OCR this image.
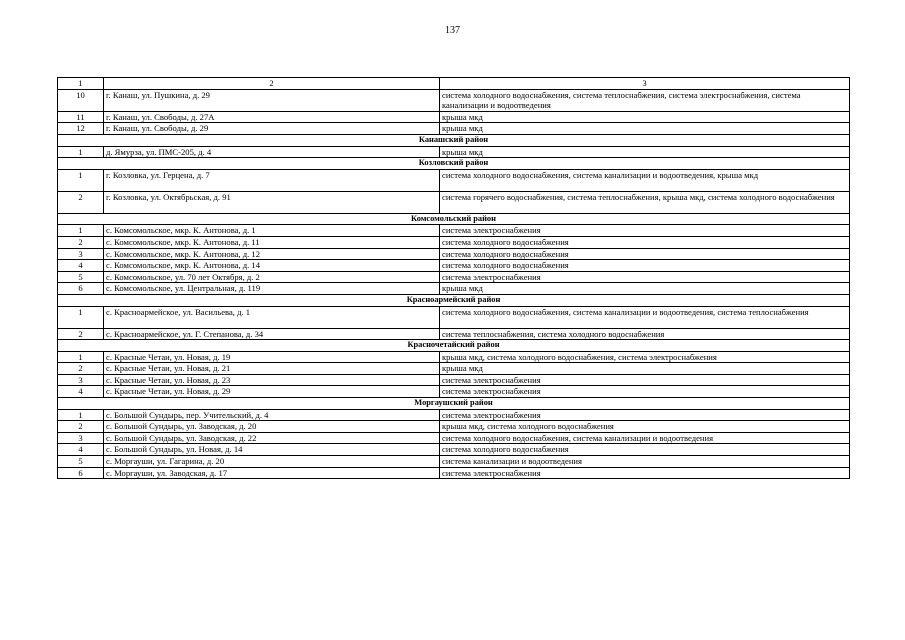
137
1	2	3
10	г. Канаш, ул. Пушкина, д. 29	система холодного водоснабжения, система теплоснабжения, система электроснабжения, система канализации и водоотведения
11	г. Канаш, ул. Свободы, д. 27А	крыша мкд
12	г. Канаш, ул. Свободы, д. 29	крыша мкд
Канашский район		
1	д. Ямурза, ул. ПМС-205, д. 4	крыша мкд
Козловский район		
1	г. Козловка, ул. Герцена, д. 7	система холодного водоснабжения, система канализации и водоотведения, крыша мкд
2	г. Козловка, ул. Октябрьская, д. 91	система горячего водоснабжения, система теплоснабжения, крыша мкд, система холодного водоснабжения
Комсомольский район		
1	с. Комсомольское, мкр. К. Антонова, д. 1	система электроснабжения
2	с. Комсомольское, мкр. К. Антонова, д. 11	система холодного водоснабжения
3	с. Комсомольское, мкр. К. Антонова, д. 12	система холодного водоснабжения
4	с. Комсомольское, мкр. К. Антонова, д. 14	система холодного водоснабжения
5	с. Комсомольское, ул. 70 лет Октября, д. 2	система электроснабжения
6	с. Комсомольское, ул. Центральная, д. 119	крыша мкд
Красноармейский район		
1	с. Красноармейское, ул. Васильева, д. 1	система холодного водоснабжения, система канализации и водоотведения, система теплоснабжения
2	с. Красноармейское, ул. Г. Степанова, д. 34	система теплоснабжения, система холодного водоснабжения
Красночетайский район		
1	с. Красные Четаи, ул. Новая, д. 19	крыша мкд, система холодного водоснабжения, система электроснабжения
2	с. Красные Четаи, ул. Новая, д. 21	крыша мкд
3	с. Красные Четаи, ул. Новая, д. 23	система электроснабжения
4	с. Красные Четаи, ул. Новая, д. 29	система электроснабжения
Моргаушский район		
1	с. Большой Сундырь, пер. Учительский, д. 4	система электроснабжения
2	с. Большой Сундырь, ул. Заводская, д. 20	крыша мкд, система холодного водоснабжения
3	с. Большой Сундырь, ул. Заводская, д. 22	система холодного водоснабжения, система канализации и водоотведения
4	с. Большой Сундырь, ул. Новая, д. 14	система холодного водоснабжения
5	с. Моргауши, ул. Гагарина, д. 20	система канализации и водоотведения
6	с. Моргауши, ул. Заводская, д. 17	система электроснабжения
